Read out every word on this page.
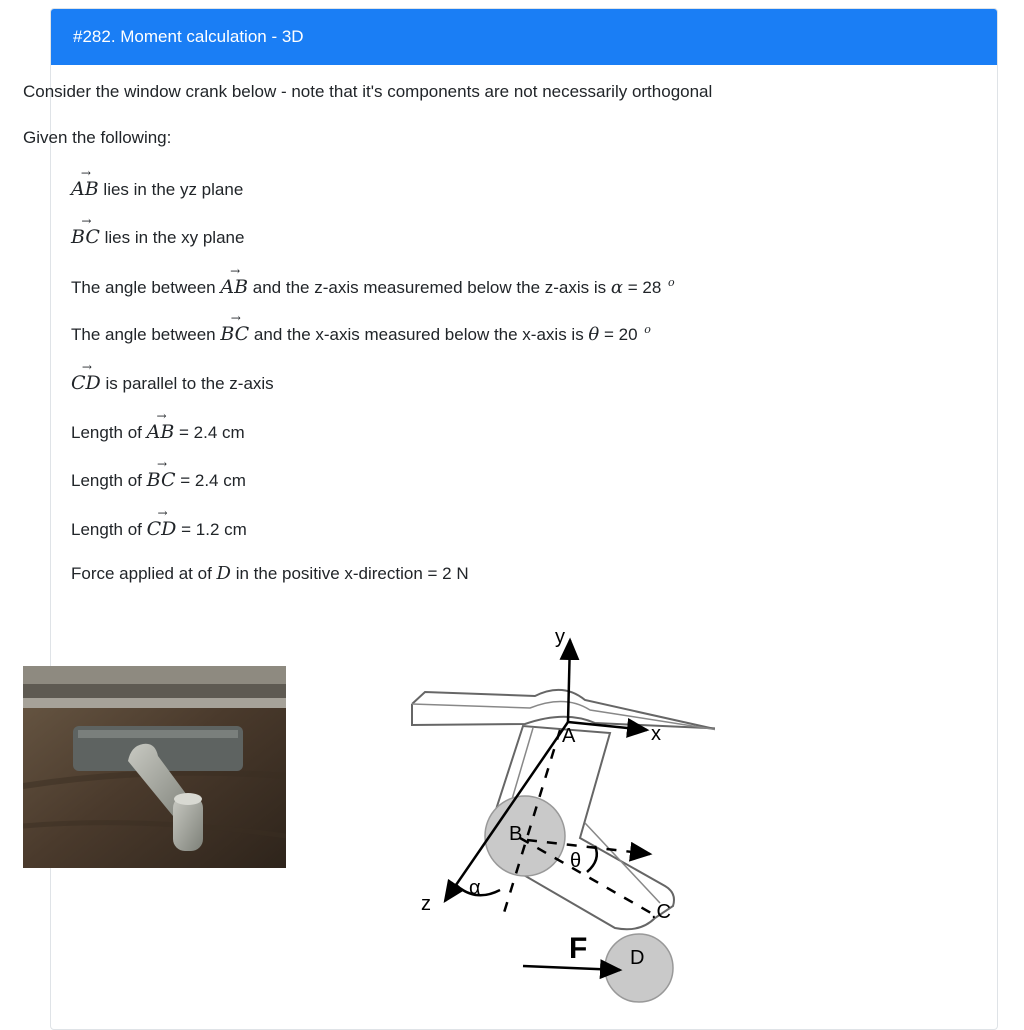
#282. Moment calculation - 3D

Consider the window crank below - note that it's components are not necessarily orthogonal

Given the following:

→ AB lies in the yz plane

→ BC lies in the xy plane

The angle between → AB and the z-axis measuremed below the z-axis is α = 28 $^o$

The angle between → BC and the x-axis measured below the x-axis is θ = 20 $^o$

→ CD is parallel to the z-axis

Length of → AB = 2.4 cm

Length of → BC = 2.4 cm

Length of → CD = 1.2 cm

Force applied at of D in the positive x-direction = 2 N

y
x
z
α
θ
A
B
.C
D
F
